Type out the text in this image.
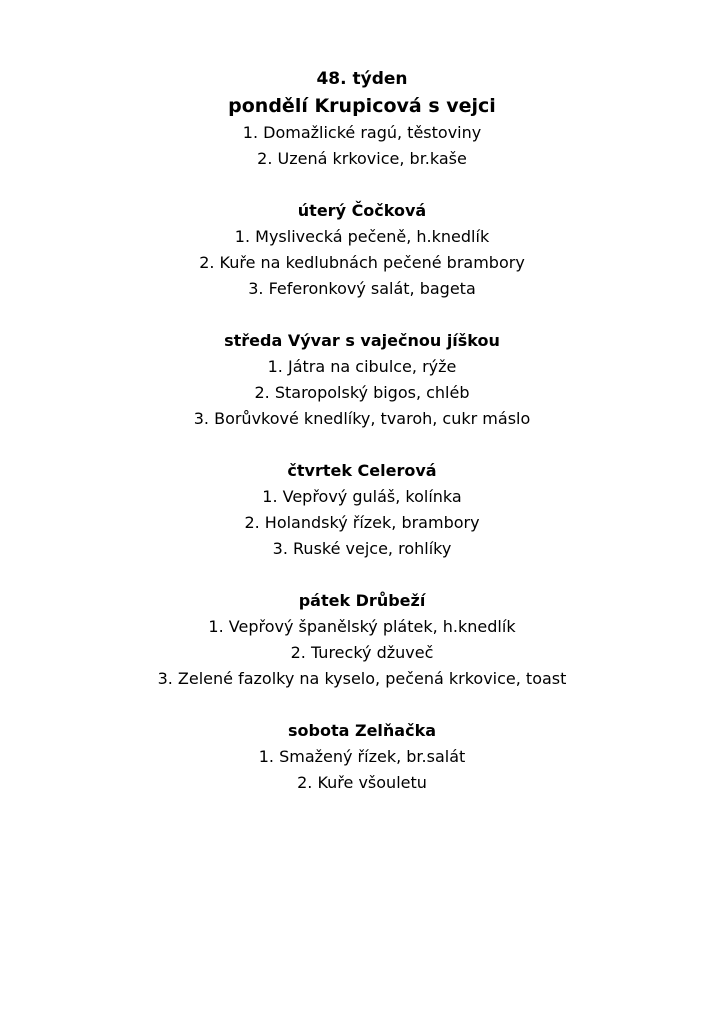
48. týden

pondělí Krupicová s vejci

1. Domažlické ragú, těstoviny

2. Uzená krkovice, br.kaše

úterý Čočková

1. Myslivecká pečeně, h.knedlík

2. Kuře na kedlubnách pečené brambory

3. Feferonkový salát, bageta

středa Vývar s vaječnou jíškou

1. Játra na cibulce, rýže

2. Staropolský bigos, chléb

3. Borůvkové knedlíky, tvaroh, cukr máslo

čtvrtek Celerová

1. Vepřový guláš, kolínka

2. Holandský řízek, brambory

3. Ruské vejce, rohlíky

pátek Drůbeží

1. Vepřový španělský plátek, h.knedlík

2. Turecký džuveč

3. Zelené fazolky na kyselo, pečená krkovice, toast

sobota Zelňačka

1. Smažený řízek, br.salát

2. Kuře všouletu
